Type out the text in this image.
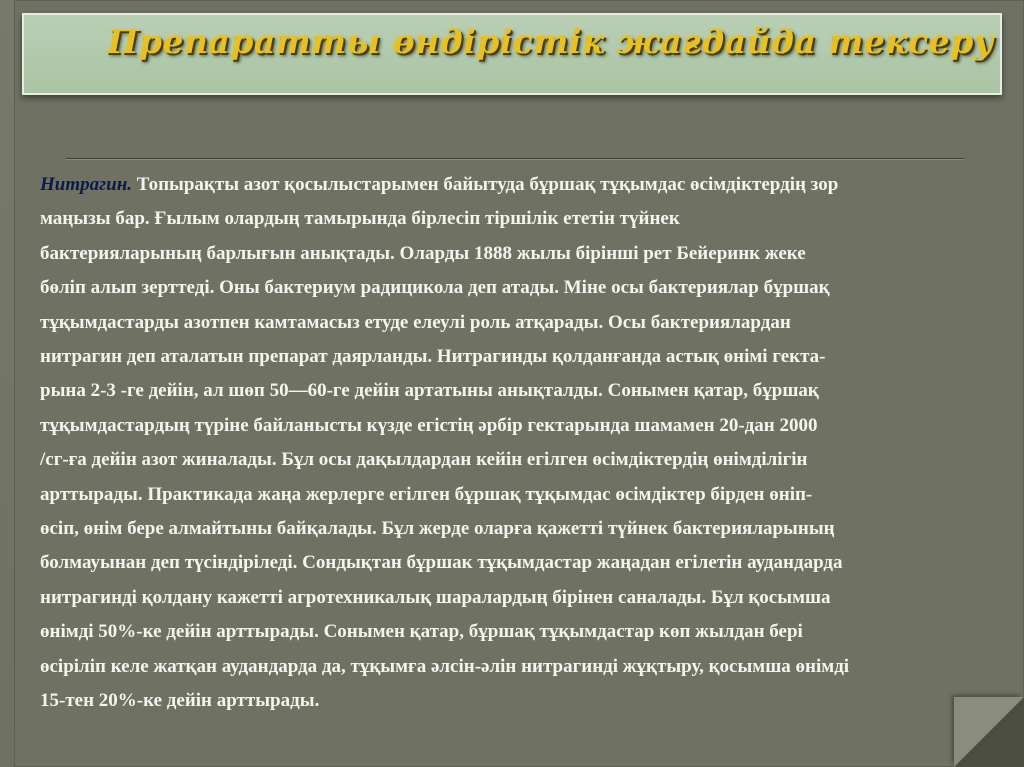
Препаратты өндірістік жағдайда тексеру

Нитрагин. Топырақты азот қосылыстарымен байытуда бұршақ тұқымдас өсімдіктердің зор
маңызы бар. Ғылым олардың тамырында бірлесіп тіршілік ететін түйнек
бактерияларының барлығын анықтады. Оларды 1888 жылы бірінші рет Бейеринк жеке
бөліп алып зерттеді. Оны бактериум радицикола деп атады. Міне осы бактериялар бұршақ
тұқымдастарды азотпен камтамасыз етуде елеулі роль атқарады. Осы бактериялардан
нитрагин деп аталатын препарат даярланды. Нитрагинды қолданғанда астық өнімі гекта-
рына 2-3 -ге дейін, ал шөп 50—60-ге дейін артатыны анықталды. Сонымен қатар, бұршақ
тұқымдастардың түріне байланысты күзде егістің әрбір гектарында шамамен 20-дан 2000
/сг-ға дейін азот жиналады. Бұл осы дақылдардан кейін егілген өсімдіктердің өнімділігін
арттырады. Практикада жаңа жерлерге егілген бұршақ тұқымдас өсімдіктер бірден өніп-
өсіп, өнім бере алмайтыны байқалады. Бұл жерде оларға қажетті түйнек бактерияларының
болмауынан деп түсіндіріледі. Сондықтан бұршак тұқымдастар жаңадан егілетін аудандарда
нитрагинді қолдану кажетті агротехникалық шаралардың бірінен саналады. Бұл қосымша
өнімді 50%-ке дейін арттырады. Сонымен қатар, бұршақ тұқымдастар көп жылдан бері
өсіріліп келе жатқан аудандарда да, тұқымға әлсін-әлін нитрагинді жұқтыру, қосымша өнімді
15-тен 20%-ке дейін арттырады.
